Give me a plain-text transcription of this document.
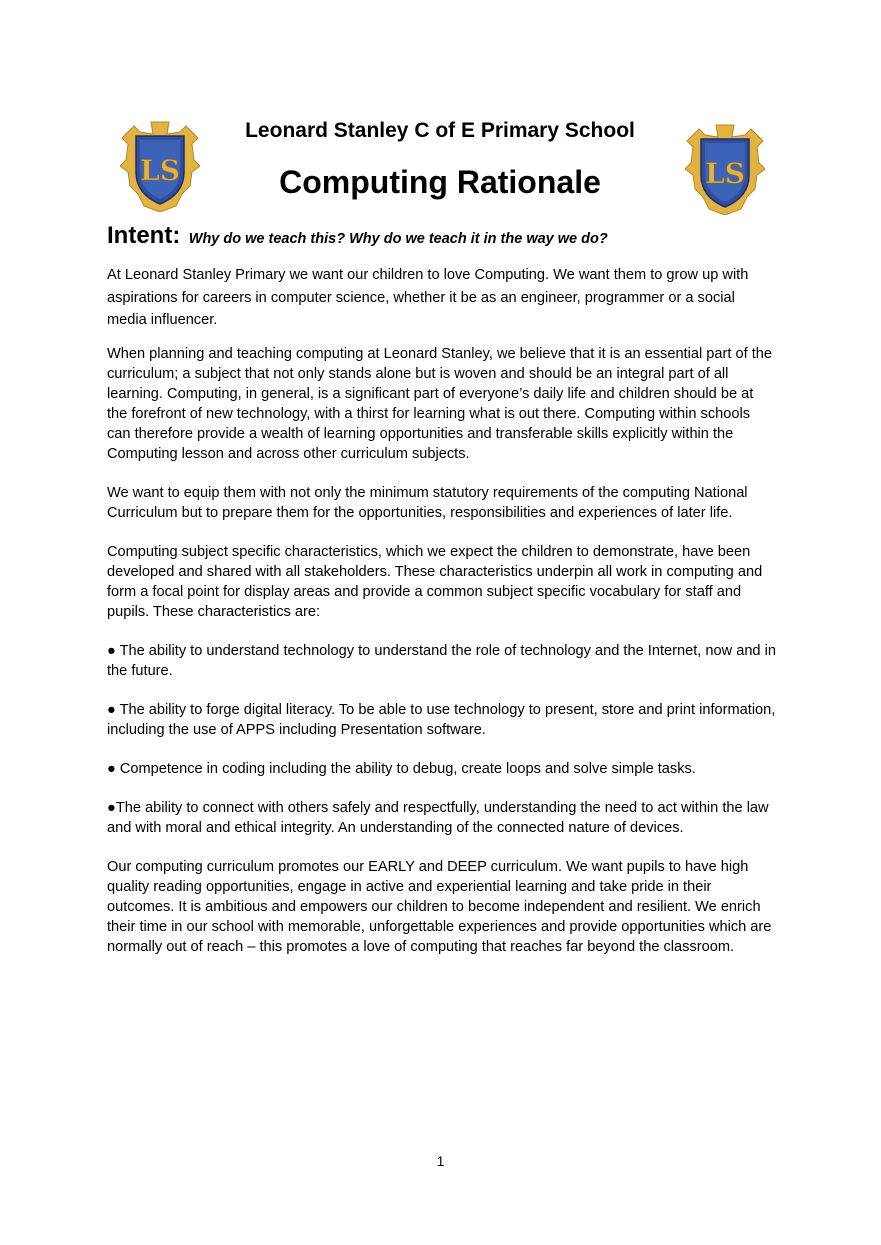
LS	LS
Leonard Stanley C of E Primary School
Computing Rationale
Intent: Why do we teach this? Why do we teach it in the way we do?

At Leonard Stanley Primary we want our children to love Computing. We want them to grow up with aspirations for careers in computer science, whether it be as an engineer, programmer or a social media influencer.

When planning and teaching computing at Leonard Stanley, we believe that it is an essential part of the curriculum; a subject that not only stands alone but is woven and should be an integral part of all learning. Computing, in general, is a significant part of everyone’s daily life and children should be at the forefront of new technology, with a thirst for learning what is out there. Computing within schools can therefore provide a wealth of learning opportunities and transferable skills explicitly within the Computing lesson and across other curriculum subjects.

We want to equip them with not only the minimum statutory requirements of the computing National Curriculum but to prepare them for the opportunities, responsibilities and experiences of later life.

Computing subject specific characteristics, which we expect the children to demonstrate, have been developed and shared with all stakeholders. These characteristics underpin all work in computing and form a focal point for display areas and provide a common subject specific vocabulary for staff and pupils. These characteristics are:

● The ability to understand technology to understand the role of technology and the Internet, now and in the future.

● The ability to forge digital literacy. To be able to use technology to present, store and print information, including the use of APPS including Presentation software.

● Competence in coding including the ability to debug, create loops and solve simple tasks.

●The ability to connect with others safely and respectfully, understanding the need to act within the law and with moral and ethical integrity. An understanding of the connected nature of devices.

Our computing curriculum promotes our EARLY and DEEP curriculum. We want pupils to have high quality reading opportunities, engage in active and experiential learning and take pride in their outcomes. It is ambitious and empowers our children to become independent and resilient. We enrich their time in our school with memorable, unforgettable experiences and provide opportunities which are normally out of reach – this promotes a love of computing that reaches far beyond the classroom.

1
